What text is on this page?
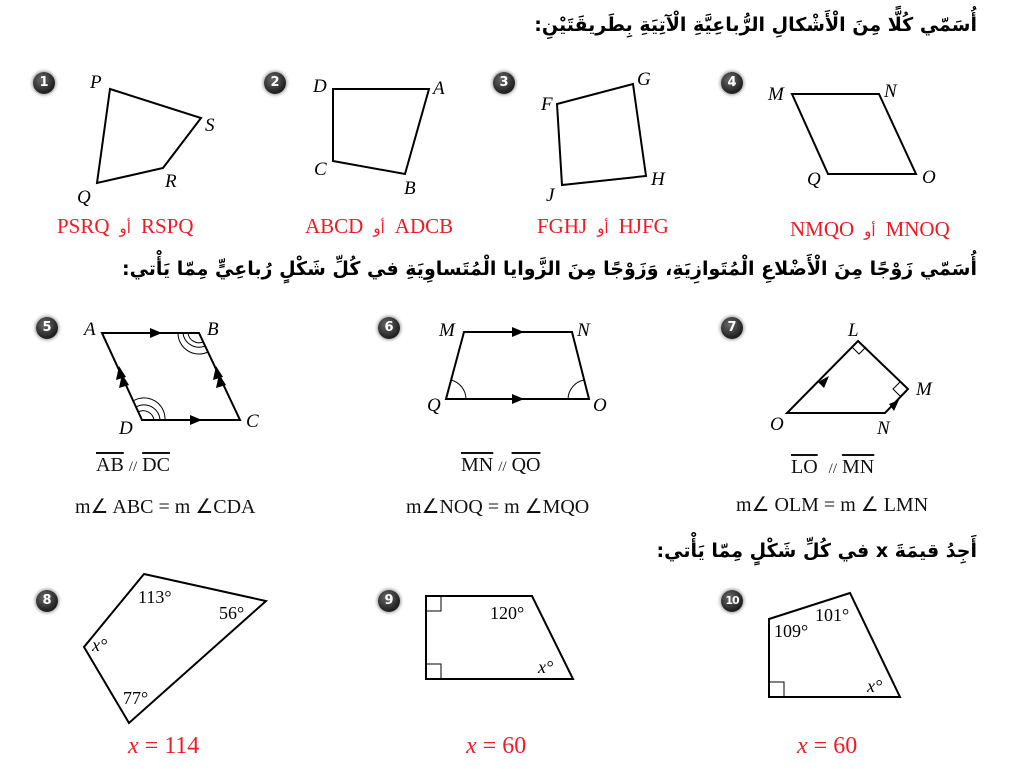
أُسَمّي كُلًّا مِنَ الْأَشْكالِ الرُّباعِيَّةِ الْآتِيَةِ بِطَريقَتَيْنِ:
1	P
S
R
Q
PSRQ أو RSPQ
2	D	A
B
C
ABCD أو ADCB
3
F
G
H
J
FGHJ أو HJFG
4
M	N
O
Q
NMQO أو MNOQ
أُسَمّي زَوْجًا مِنَ الْأَضْلاعِ الْمُتَوازِيَةِ، وَزَوْجًا مِنَ الزَّوايا الْمُتَساوِيَةِ في كُلِّ شَكْلٍ رُباعِيٍّ مِمّا يَأْتي:
5	A	B
C
D
$\overline{AB} // \overline{DC}$
m∠ ABC = m ∠CDA
6	M	N
O
Q
$\overline{MN} // \overline{QO}$
m∠NOQ = m ∠MQO
7	L
M
N
O
$\overline{LO} // \overline{MN}$
m∠ OLM = m ∠ LMN
أَجِدُ قيمَةَ x في كُلِّ شَكْلٍ مِمّا يَأْتي:
8	113°
56°
x°
77°
x = 114
9
120°
x°
x = 60
10
109°
101°
x°
x = 60
